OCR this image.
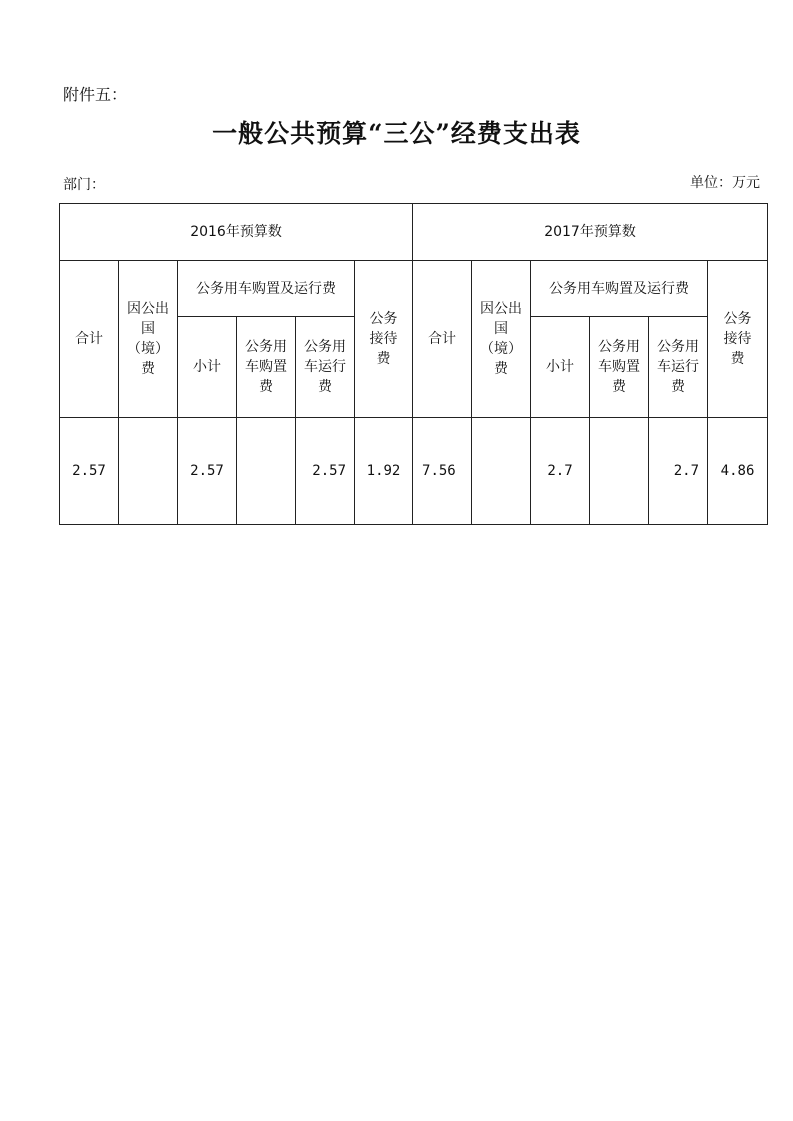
附件五：
一般公共预算“三公”经费支出表
部门：	单位：万元
2016年预算数						2017年预算数					
合计	因公出国（境）费	公务用车购置及运行费			公务接待费	合计	因公出国（境）费	公务用车购置及运行费			公务接待费
		小计	公务用车购置费	公务用车运行费				小计	公务用车购置费	公务用车运行费	
2.57		2.57		2.57	1.92	7.56		2.7		2.7	4.86
